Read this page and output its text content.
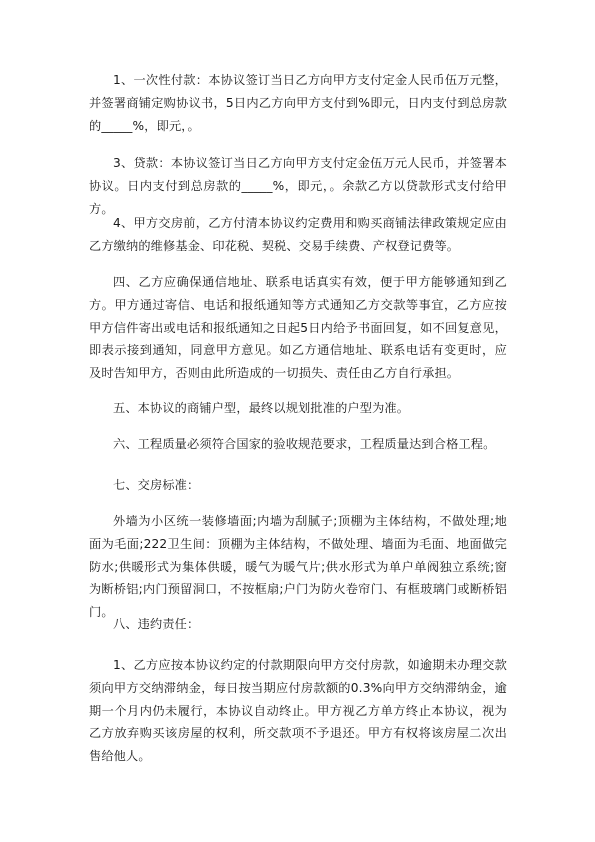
1、一次性付款：本协议签订当日乙方向甲方支付定金人民币伍万元整，并签署商铺定购协议书，5日内乙方向甲方支付到%即元，日内支付到总房款的_____%，即元，。

3、贷款：本协议签订当日乙方向甲方支付定金伍万元人民币，并签署本协议。日内支付到总房款的_____%，即元，。余款乙方以贷款形式支付给甲方。

4、甲方交房前，乙方付清本协议约定费用和购买商铺法律政策规定应由乙方缴纳的维修基金、印花税、契税、交易手续费、产权登记费等。

四、乙方应确保通信地址、联系电话真实有效，便于甲方能够通知到乙方。甲方通过寄信、电话和报纸通知等方式通知乙方交款等事宜，乙方应按甲方信件寄出或电话和报纸通知之日起5日内给予书面回复，如不回复意见，即表示接到通知，同意甲方意见。如乙方通信地址、联系电话有变更时，应及时告知甲方，否则由此所造成的一切损失、责任由乙方自行承担。

五、本协议的商铺户型，最终以规划批准的户型为准。

六、工程质量必须符合国家的验收规范要求，工程质量达到合格工程。

七、交房标准：

外墙为小区统一装修墙面;内墙为刮腻子;顶棚为主体结构，不做处理;地面为毛面;222卫生间：顶棚为主体结构，不做处理、墙面为毛面、地面做完防水;供暖形式为集体供暖，暖气为暖气片;供水形式为单户单阀独立系统;窗为断桥铝;内门预留洞口，不按框扇;户门为防火卷帘门、有框玻璃门或断桥铝门。

八、违约责任：

1、乙方应按本协议约定的付款期限向甲方交付房款，如逾期未办理交款须向甲方交纳滞纳金，每日按当期应付房款额的0.3%向甲方交纳滞纳金，逾期一个月内仍未履行，本协议自动终止。甲方视乙方单方终止本协议，视为乙方放弃购买该房屋的权利，所交款项不予退还。甲方有权将该房屋二次出售给他人。
